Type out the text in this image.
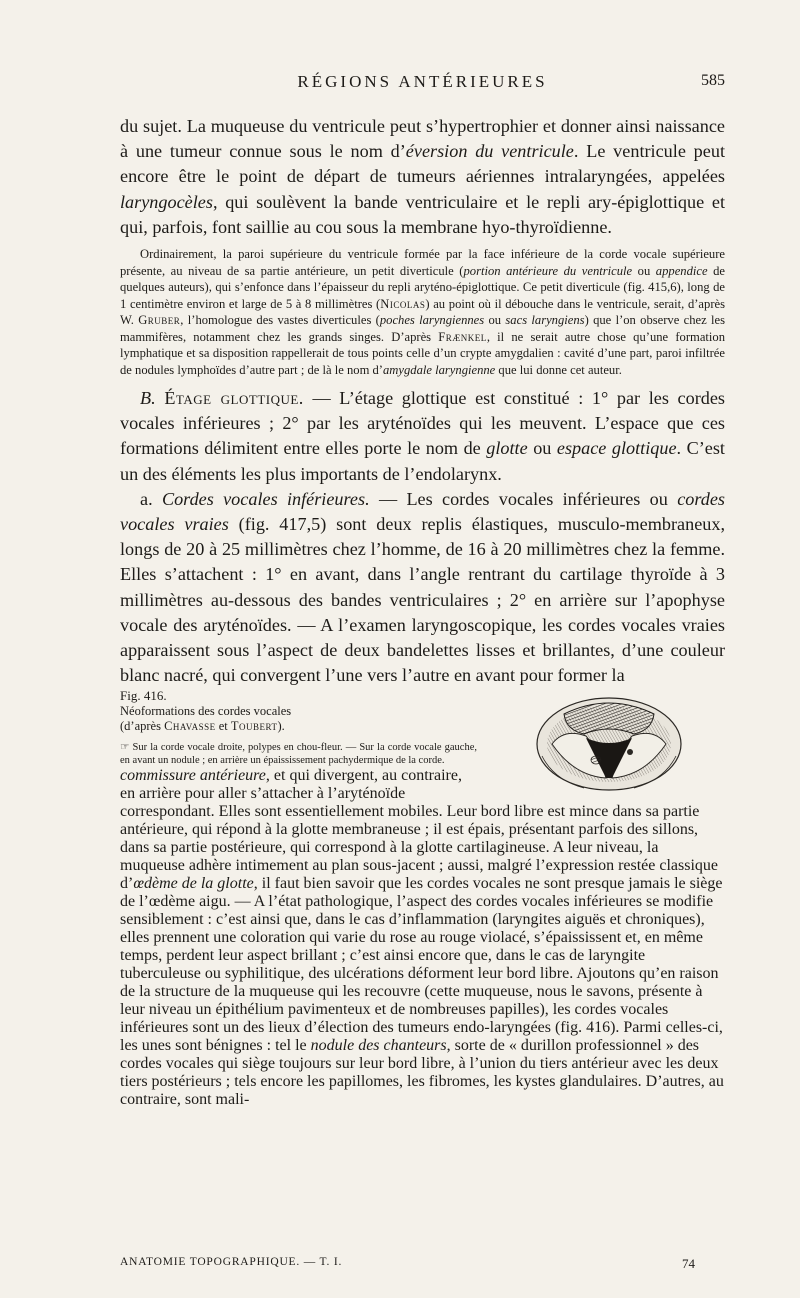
RÉGIONS ANTÉRIEURES	585

du sujet. La muqueuse du ventricule peut s’hypertrophier et donner ainsi naissance à une tumeur connue sous le nom d’éversion du ventricule. Le ventricule peut encore être le point de départ de tumeurs aériennes intralaryngées, appelées laryngocèles, qui soulèvent la bande ventriculaire et le repli ary-épiglottique et qui, parfois, font saillie au cou sous la membrane hyo-thyroïdienne.

Ordinairement, la paroi supérieure du ventricule formée par la face inférieure de la corde vocale supérieure présente, au niveau de sa partie antérieure, un petit diverticule (portion antérieure du ventricule ou appendice de quelques auteurs), qui s’enfonce dans l’épaisseur du repli aryténo-épiglottique. Ce petit diverticule (fig. 415,6), long de 1 centimètre environ et large de 5 à 8 millimètres (Nicolas) au point où il débouche dans le ventricule, serait, d’après W. Gruber, l’homologue des vastes diverticules (poches laryngiennes ou sacs laryngiens) que l’on observe chez les mammifères, notamment chez les grands singes. D’après Frænkel, il ne serait autre chose qu’une formation lymphatique et sa disposition rappellerait de tous points celle d’un crypte amygdalien : cavité d’une part, paroi infiltrée de nodules lymphoïdes d’autre part ; de là le nom d’amygdale laryngienne que lui donne cet auteur.

B. Étage glottique. — L’étage glottique est constitué : 1° par les cordes vocales inférieures ; 2° par les aryténoïdes qui les meuvent. L’espace que ces formations délimitent entre elles porte le nom de glotte ou espace glottique. C’est un des éléments les plus importants de l’endolarynx.

a. Cordes vocales inférieures. — Les cordes vocales inférieures ou cordes vocales vraies (fig. 417,5) sont deux replis élastiques, musculo-membraneux, longs de 20 à 25 millimètres chez l’homme, de 16 à 20 millimètres chez la femme. Elles s’attachent : 1° en avant, dans l’angle rentrant du cartilage thyroïde à 3 millimètres au-dessous des bandes ventriculaires ; 2° en arrière sur l’apophyse vocale des aryténoïdes. — A l’examen laryngoscopique, les cordes vocales vraies apparaissent sous l’aspect de deux bandelettes lisses et brillantes, d’une couleur blanc nacré, qui convergent l’une vers l’autre en avant pour former la

Fig. 416.
Néoformations des cordes vocales
(d’après Chavasse et Toubert).
☞ Sur la corde vocale droite, polypes en chou-fleur. — Sur la corde vocale gauche, en avant un nodule ; en arrière un épaississement pachydermique de la corde.
commissure antérieure, et qui divergent, au contraire, en arrière pour aller s’attacher à l’aryténoïde correspondant. Elles sont essentiellement mobiles. Leur bord libre est mince dans sa partie antérieure, qui répond à la glotte membraneuse ; il est épais, présentant parfois des sillons, dans sa partie postérieure, qui correspond à la glotte cartilagineuse. A leur niveau, la muqueuse adhère intimement au plan sous-jacent ; aussi, malgré l’expression restée classique d’œdème de la glotte, il faut bien savoir que les cordes vocales ne sont presque jamais le siège de l’œdème aigu. — A l’état pathologique, l’aspect des cordes vocales inférieures se modifie sensiblement : c’est ainsi que, dans le cas d’inflammation (laryngites aiguës et chroniques), elles prennent une coloration qui varie du rose au rouge violacé, s’épaississent et, en même temps, perdent leur aspect brillant ; c’est ainsi encore que, dans le cas de laryngite tuberculeuse ou syphilitique, des ulcérations déforment leur bord libre. Ajoutons qu’en raison de la structure de la muqueuse qui les recouvre (cette muqueuse, nous le savons, présente à leur niveau un épithélium pavimenteux et de nombreuses papilles), les cordes vocales inférieures sont un des lieux d’élection des tumeurs endo-laryngées (fig. 416). Parmi celles-ci, les unes sont bénignes : tel le nodule des chanteurs, sorte de « durillon professionnel » des cordes vocales qui siège toujours sur leur bord libre, à l’union du tiers antérieur avec les deux tiers postérieurs ; tels encore les papillomes, les fibromes, les kystes glandulaires. D’autres, au contraire, sont mali-

ANATOMIE TOPOGRAPHIQUE. — T. I.	74
